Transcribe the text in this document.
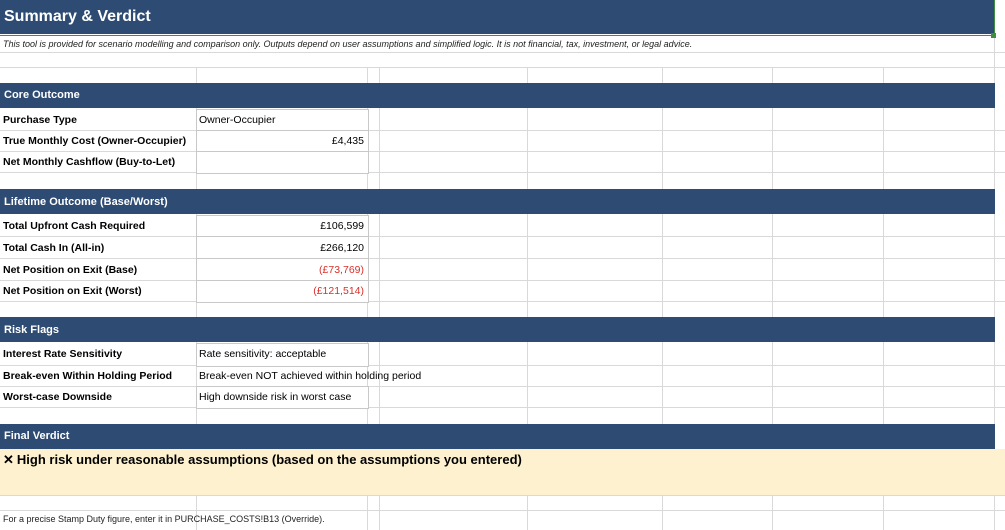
Summary & Verdict
This tool is provided for scenario modelling and comparison only. Outputs depend on user assumptions and simplified logic. It is not financial, tax, investment, or legal advice.
Core Outcome
Purchase Type	Owner-Occupier
True Monthly Cost (Owner-Occupier)	£4,435
Net Monthly Cashflow (Buy-to-Let)
Lifetime Outcome (Base/Worst)
Total Upfront Cash Required	£106,599
Total Cash In (All-in)	£266,120
Net Position on Exit (Base)	(£73,769)
Net Position on Exit (Worst)	(£121,514)
Risk Flags
Interest Rate Sensitivity	Rate sensitivity: acceptable
Break-even Within Holding Period	Break-even NOT achieved within holding period
Worst-case Downside	High downside risk in worst case
Final Verdict
✕ High risk under reasonable assumptions (based on the assumptions you entered)
For a precise Stamp Duty figure, enter it in PURCHASE_COSTS!B13 (Override).
